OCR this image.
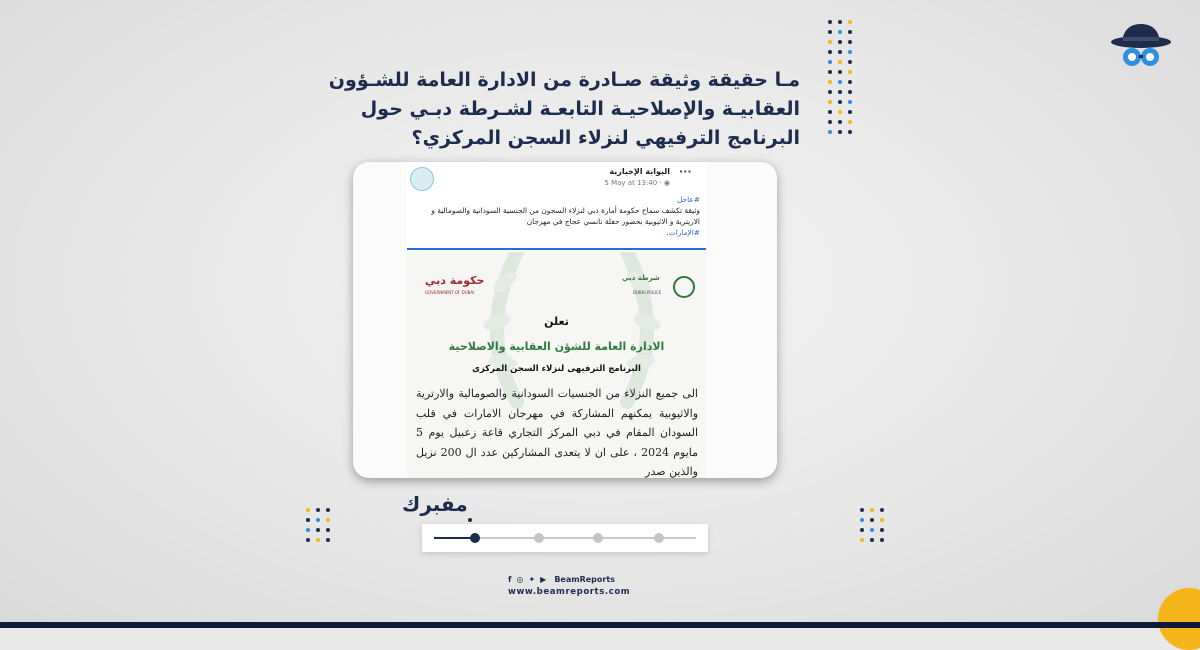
مـا حقيقة وثيقة صـادرة من الادارة العامة للشـؤون
العقابيـة والإصلاحيـة التابعـة لشـرطة دبـي حول
البرنامج الترفيهي لنزلاء السجن المركزي؟
البوابة الإخبارية
5 May at 13:40 · ◉
···
#عاجل
وثيقة تكشف سماح حكومة أمارة دبي لنزلاء السجون من الجنسية السودانية والصومالية و الاريترية و الاثيوبية بحضور حفلة نانسي عجاج في مهرجان
#الإمارات.
حكومة دبي
GOVERNMENT OF DUBAI
شرطة دبي
DUBAI POLICE
تعلن
الادارة العامة للشؤن العقابية والاصلاحية
البرنامج الترفيهى لنزلاء السجن المركزى
الى جميع النزلاء من الجنسيات السودانية والصومالية والارترية والاثيوبية يمكنهم المشاركة في مهرجان الامارات في قلب السودان المقام في دبي المركز التجاري قاعة زعبيل يوم 5 مايوم 2024 ، على ان لا يتعدى المشاركين عدد ال 200 نزيل والذين صدر
مفبرك
f ◎ ✦ ▶ BeamReports
www.beamreports.com
